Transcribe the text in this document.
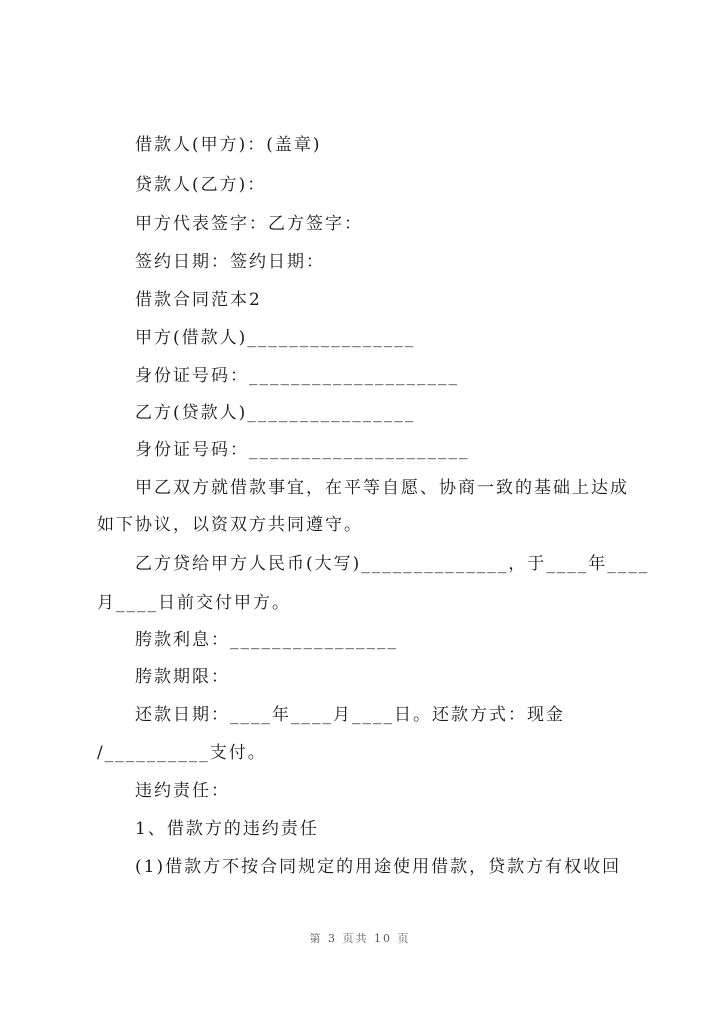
借款人(甲方)：(盖章)
贷款人(乙方)：
甲方代表签字：乙方签字：
签约日期：签约日期：
借款合同范本2
甲方(借款人)________________
身份证号码：____________________
乙方(贷款人)________________
身份证号码：_____________________
甲乙双方就借款事宜，在平等自愿、协商一致的基础上达成
如下协议，以资双方共同遵守。
乙方贷给甲方人民币(大写)______________，于____年____
月____日前交付甲方。
胯款利息：________________
胯款期限：
还款日期：____年____月____日。还款方式：现金
/__________支付。
违约责任：
1、借款方的违约责任
(1)借款方不按合同规定的用途使用借款，贷款方有权收回
第 3 页共 10 页
